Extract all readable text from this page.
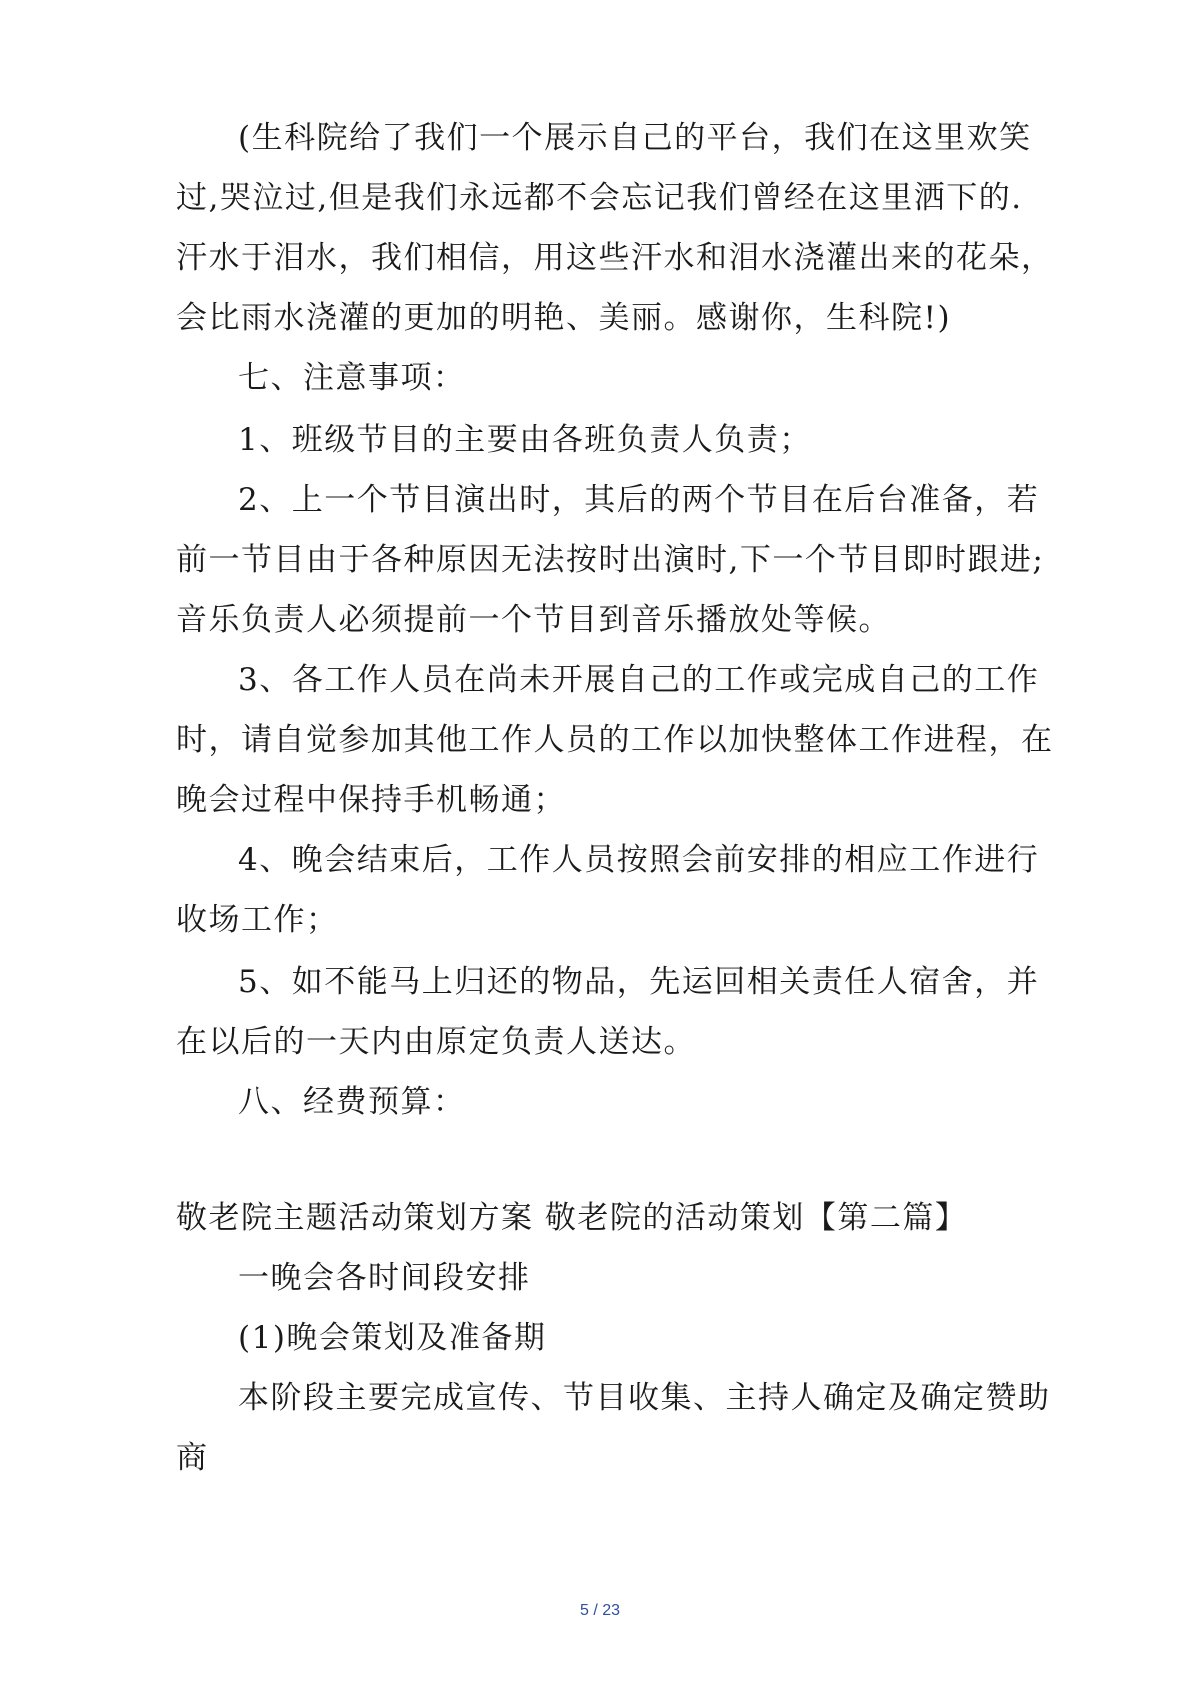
(生科院给了我们一个展示自己的平台，我们在这里欢笑
过,哭泣过,但是我们永远都不会忘记我们曾经在这里洒下的.
汗水于泪水，我们相信，用这些汗水和泪水浇灌出来的花朵，
会比雨水浇灌的更加的明艳、美丽。感谢你，生科院!)
七、注意事项：
1、班级节目的主要由各班负责人负责；
2、上一个节目演出时，其后的两个节目在后台准备，若
前一节目由于各种原因无法按时出演时,下一个节目即时跟进;
音乐负责人必须提前一个节目到音乐播放处等候。
3、各工作人员在尚未开展自己的工作或完成自己的工作
时，请自觉参加其他工作人员的工作以加快整体工作进程，在
晚会过程中保持手机畅通；
4、晚会结束后，工作人员按照会前安排的相应工作进行
收场工作；
5、如不能马上归还的物品，先运回相关责任人宿舍，并
在以后的一天内由原定负责人送达。
八、经费预算：
敬老院主题活动策划方案 敬老院的活动策划【第二篇】
一晚会各时间段安排
(1)晚会策划及准备期
本阶段主要完成宣传、节目收集、主持人确定及确定赞助
商
5 / 23
